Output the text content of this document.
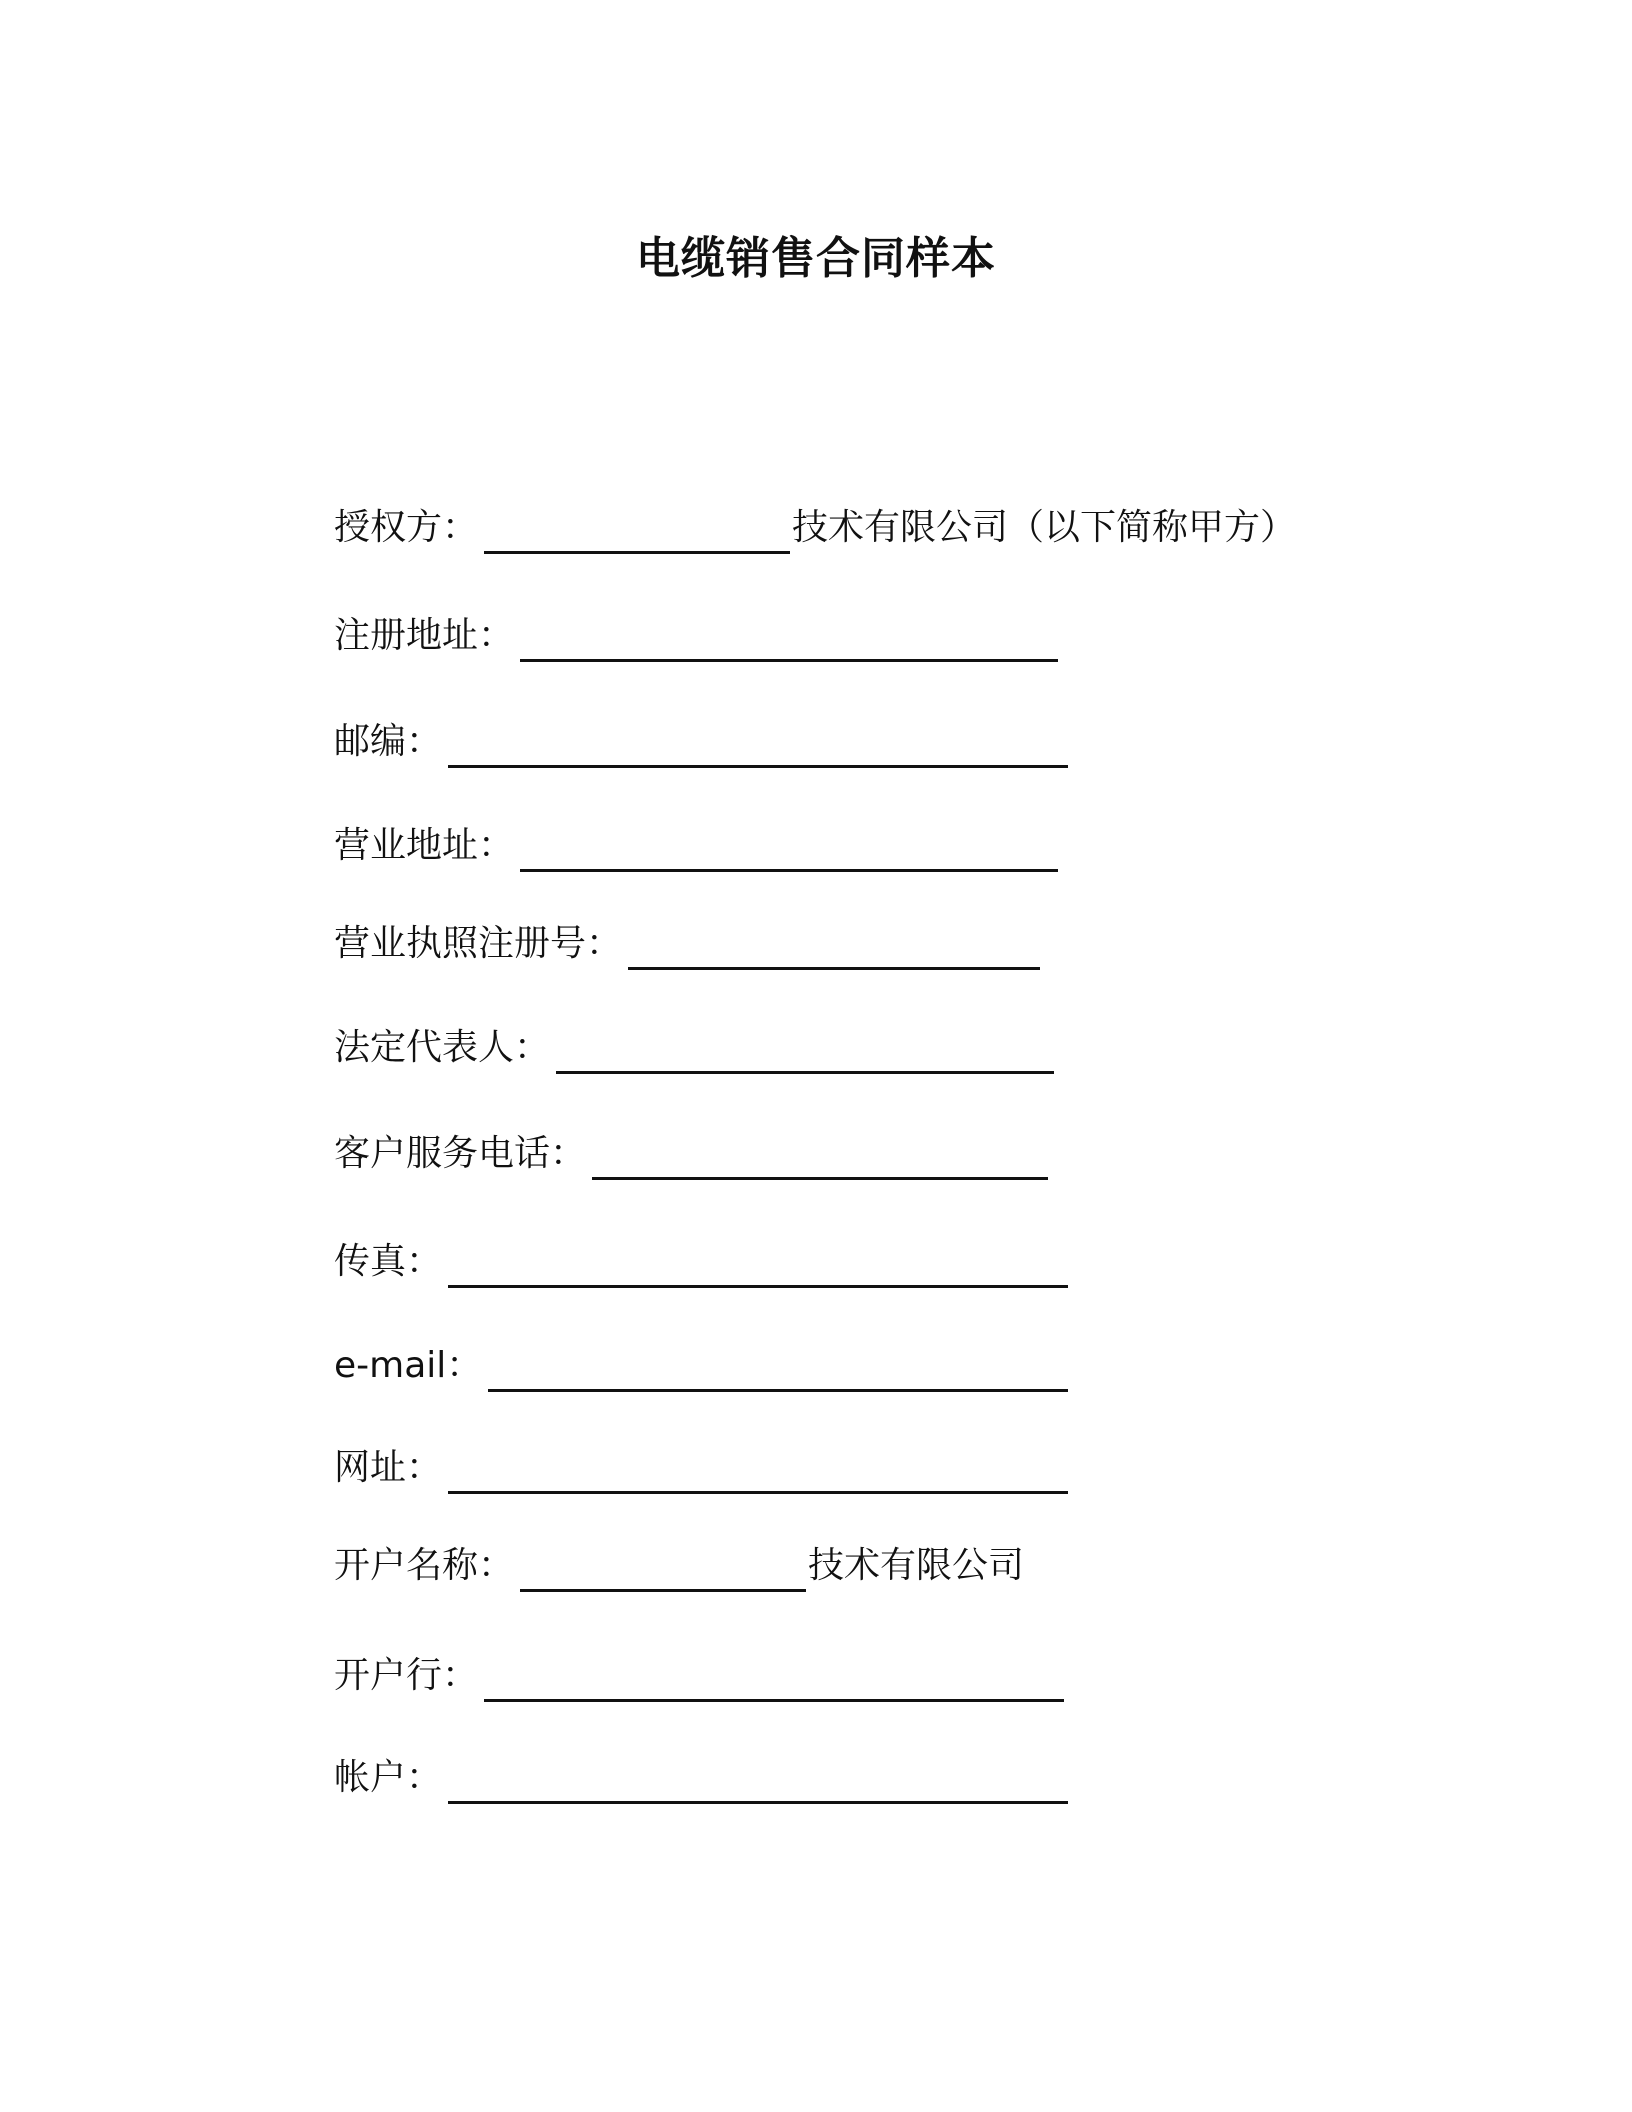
电缆销售合同样本
授权方：	技术有限公司（以下简称甲方）
注册地址：
邮编：
营业地址：
营业执照注册号：
法定代表人：
客户服务电话：
传真：
e-mail：
网址：
开户名称：	技术有限公司
开户行：
帐户：
